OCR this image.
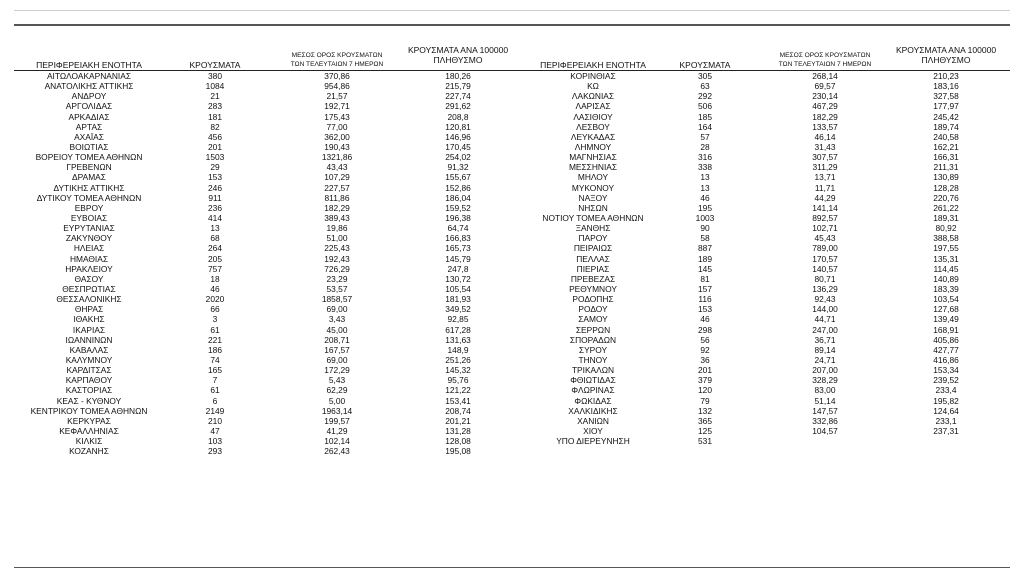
ΠΕΡΙΦΕΡΕΙΑΚΗ ΕΝΟΤΗΤΑ	ΚΡΟΥΣΜΑΤΑ
ΜΕΣΟΣ ΟΡΟΣ ΚΡΟΥΣΜΑΤΩΝ
ΤΩΝ ΤΕΛΕΥΤΑΙΩΝ 7 ΗΜΕΡΩΝ
ΚΡΟΥΣΜΑΤΑ ΑΝΑ 100000
ΠΛΗΘΥΣΜΟ	ΠΕΡΙΦΕΡΕΙΑΚΗ ΕΝΟΤΗΤΑ	ΚΡΟΥΣΜΑΤΑ
ΜΕΣΟΣ ΟΡΟΣ ΚΡΟΥΣΜΑΤΩΝ
ΤΩΝ ΤΕΛΕΥΤΑΙΩΝ 7 ΗΜΕΡΩΝ
ΚΡΟΥΣΜΑΤΑ ΑΝΑ 100000
ΠΛΗΘΥΣΜΟ
ΑΙΤΩΛΟΑΚΑΡΝΑΝΙΑΣ	380	370,86	180,26
ΑΝΑΤΟΛΙΚΗΣ ΑΤΤΙΚΗΣ	1084	954,86	215,79
ΑΝΔΡΟΥ	21	21,57	227,74
ΑΡΓΟΛΙΔΑΣ	283	192,71	291,62
ΑΡΚΑΔΙΑΣ	181	175,43	208,8
ΑΡΤΑΣ	82	77,00	120,81
ΑΧΑΪΑΣ	456	362,00	146,96
ΒΟΙΩΤΙΑΣ	201	190,43	170,45
ΒΟΡΕΙΟΥ ΤΟΜΕΑ ΑΘΗΝΩΝ	1503	1321,86	254,02
ΓΡΕΒΕΝΩΝ	29	43,43	91,32
ΔΡΑΜΑΣ	153	107,29	155,67
ΔΥΤΙΚΗΣ ΑΤΤΙΚΗΣ	246	227,57	152,86
ΔΥΤΙΚΟΥ ΤΟΜΕΑ ΑΘΗΝΩΝ	911	811,86	186,04
ΕΒΡΟΥ	236	182,29	159,52
ΕΥΒΟΙΑΣ	414	389,43	196,38
ΕΥΡΥΤΑΝΙΑΣ	13	19,86	64,74
ΖΑΚΥΝΘΟΥ	68	51,00	166,83
ΗΛΕΙΑΣ	264	225,43	165,73
ΗΜΑΘΙΑΣ	205	192,43	145,79
ΗΡΑΚΛΕΙΟΥ	757	726,29	247,8
ΘΑΣΟΥ	18	23,29	130,72
ΘΕΣΠΡΩΤΙΑΣ	46	53,57	105,54
ΘΕΣΣΑΛΟΝΙΚΗΣ	2020	1858,57	181,93
ΘΗΡΑΣ	66	69,00	349,52
ΙΘΑΚΗΣ	3	3,43	92,85
ΙΚΑΡΙΑΣ	61	45,00	617,28
ΙΩΑΝΝΙΝΩΝ	221	208,71	131,63
ΚΑΒΑΛΑΣ	186	167,57	148,9
ΚΑΛΥΜΝΟΥ	74	69,00	251,26
ΚΑΡΔΙΤΣΑΣ	165	172,29	145,32
ΚΑΡΠΑΘΟΥ	7	5,43	95,76
ΚΑΣΤΟΡΙΑΣ	61	62,29	121,22
ΚΕΑΣ - ΚΥΘΝΟΥ	6	5,00	153,41
ΚΕΝΤΡΙΚΟΥ ΤΟΜΕΑ ΑΘΗΝΩΝ	2149	1963,14	208,74
ΚΕΡΚΥΡΑΣ	210	199,57	201,21
ΚΕΦΑΛΛΗΝΙΑΣ	47	41,29	131,28
ΚΙΛΚΙΣ	103	102,14	128,08
ΚΟΖΑΝΗΣ	293	262,43	195,08
ΚΟΡΙΝΘΙΑΣ	305	268,14	210,23
ΚΩ	63	69,57	183,16
ΛΑΚΩΝΙΑΣ	292	230,14	327,58
ΛΑΡΙΣΑΣ	506	467,29	177,97
ΛΑΣΙΘΙΟΥ	185	182,29	245,42
ΛΕΣΒΟΥ	164	133,57	189,74
ΛΕΥΚΑΔΑΣ	57	46,14	240,58
ΛΗΜΝΟΥ	28	31,43	162,21
ΜΑΓΝΗΣΙΑΣ	316	307,57	166,31
ΜΕΣΣΗΝΙΑΣ	338	311,29	211,31
ΜΗΛΟΥ	13	13,71	130,89
ΜΥΚΟΝΟΥ	13	11,71	128,28
ΝΑΞΟΥ	46	44,29	220,76
ΝΗΣΩΝ	195	141,14	261,22
ΝΟΤΙΟΥ ΤΟΜΕΑ ΑΘΗΝΩΝ	1003	892,57	189,31
ΞΑΝΘΗΣ	90	102,71	80,92
ΠΑΡΟΥ	58	45,43	388,58
ΠΕΙΡΑΙΩΣ	887	789,00	197,55
ΠΕΛΛΑΣ	189	170,57	135,31
ΠΙΕΡΙΑΣ	145	140,57	114,45
ΠΡΕΒΕΖΑΣ	81	80,71	140,89
ΡΕΘΥΜΝΟΥ	157	136,29	183,39
ΡΟΔΟΠΗΣ	116	92,43	103,54
ΡΟΔΟΥ	153	144,00	127,68
ΣΑΜΟΥ	46	44,71	139,49
ΣΕΡΡΩΝ	298	247,00	168,91
ΣΠΟΡΑΔΩΝ	56	36,71	405,86
ΣΥΡΟΥ	92	89,14	427,77
ΤΗΝΟΥ	36	24,71	416,86
ΤΡΙΚΑΛΩΝ	201	207,00	153,34
ΦΘΙΩΤΙΔΑΣ	379	328,29	239,52
ΦΛΩΡΙΝΑΣ	120	83,00	233,4
ΦΩΚΙΔΑΣ	79	51,14	195,82
ΧΑΛΚΙΔΙΚΗΣ	132	147,57	124,64
ΧΑΝΙΩΝ	365	332,86	233,1
ΧΙΟΥ	125	104,57	237,31
ΥΠΟ ΔΙΕΡΕΥΝΗΣΗ	531
